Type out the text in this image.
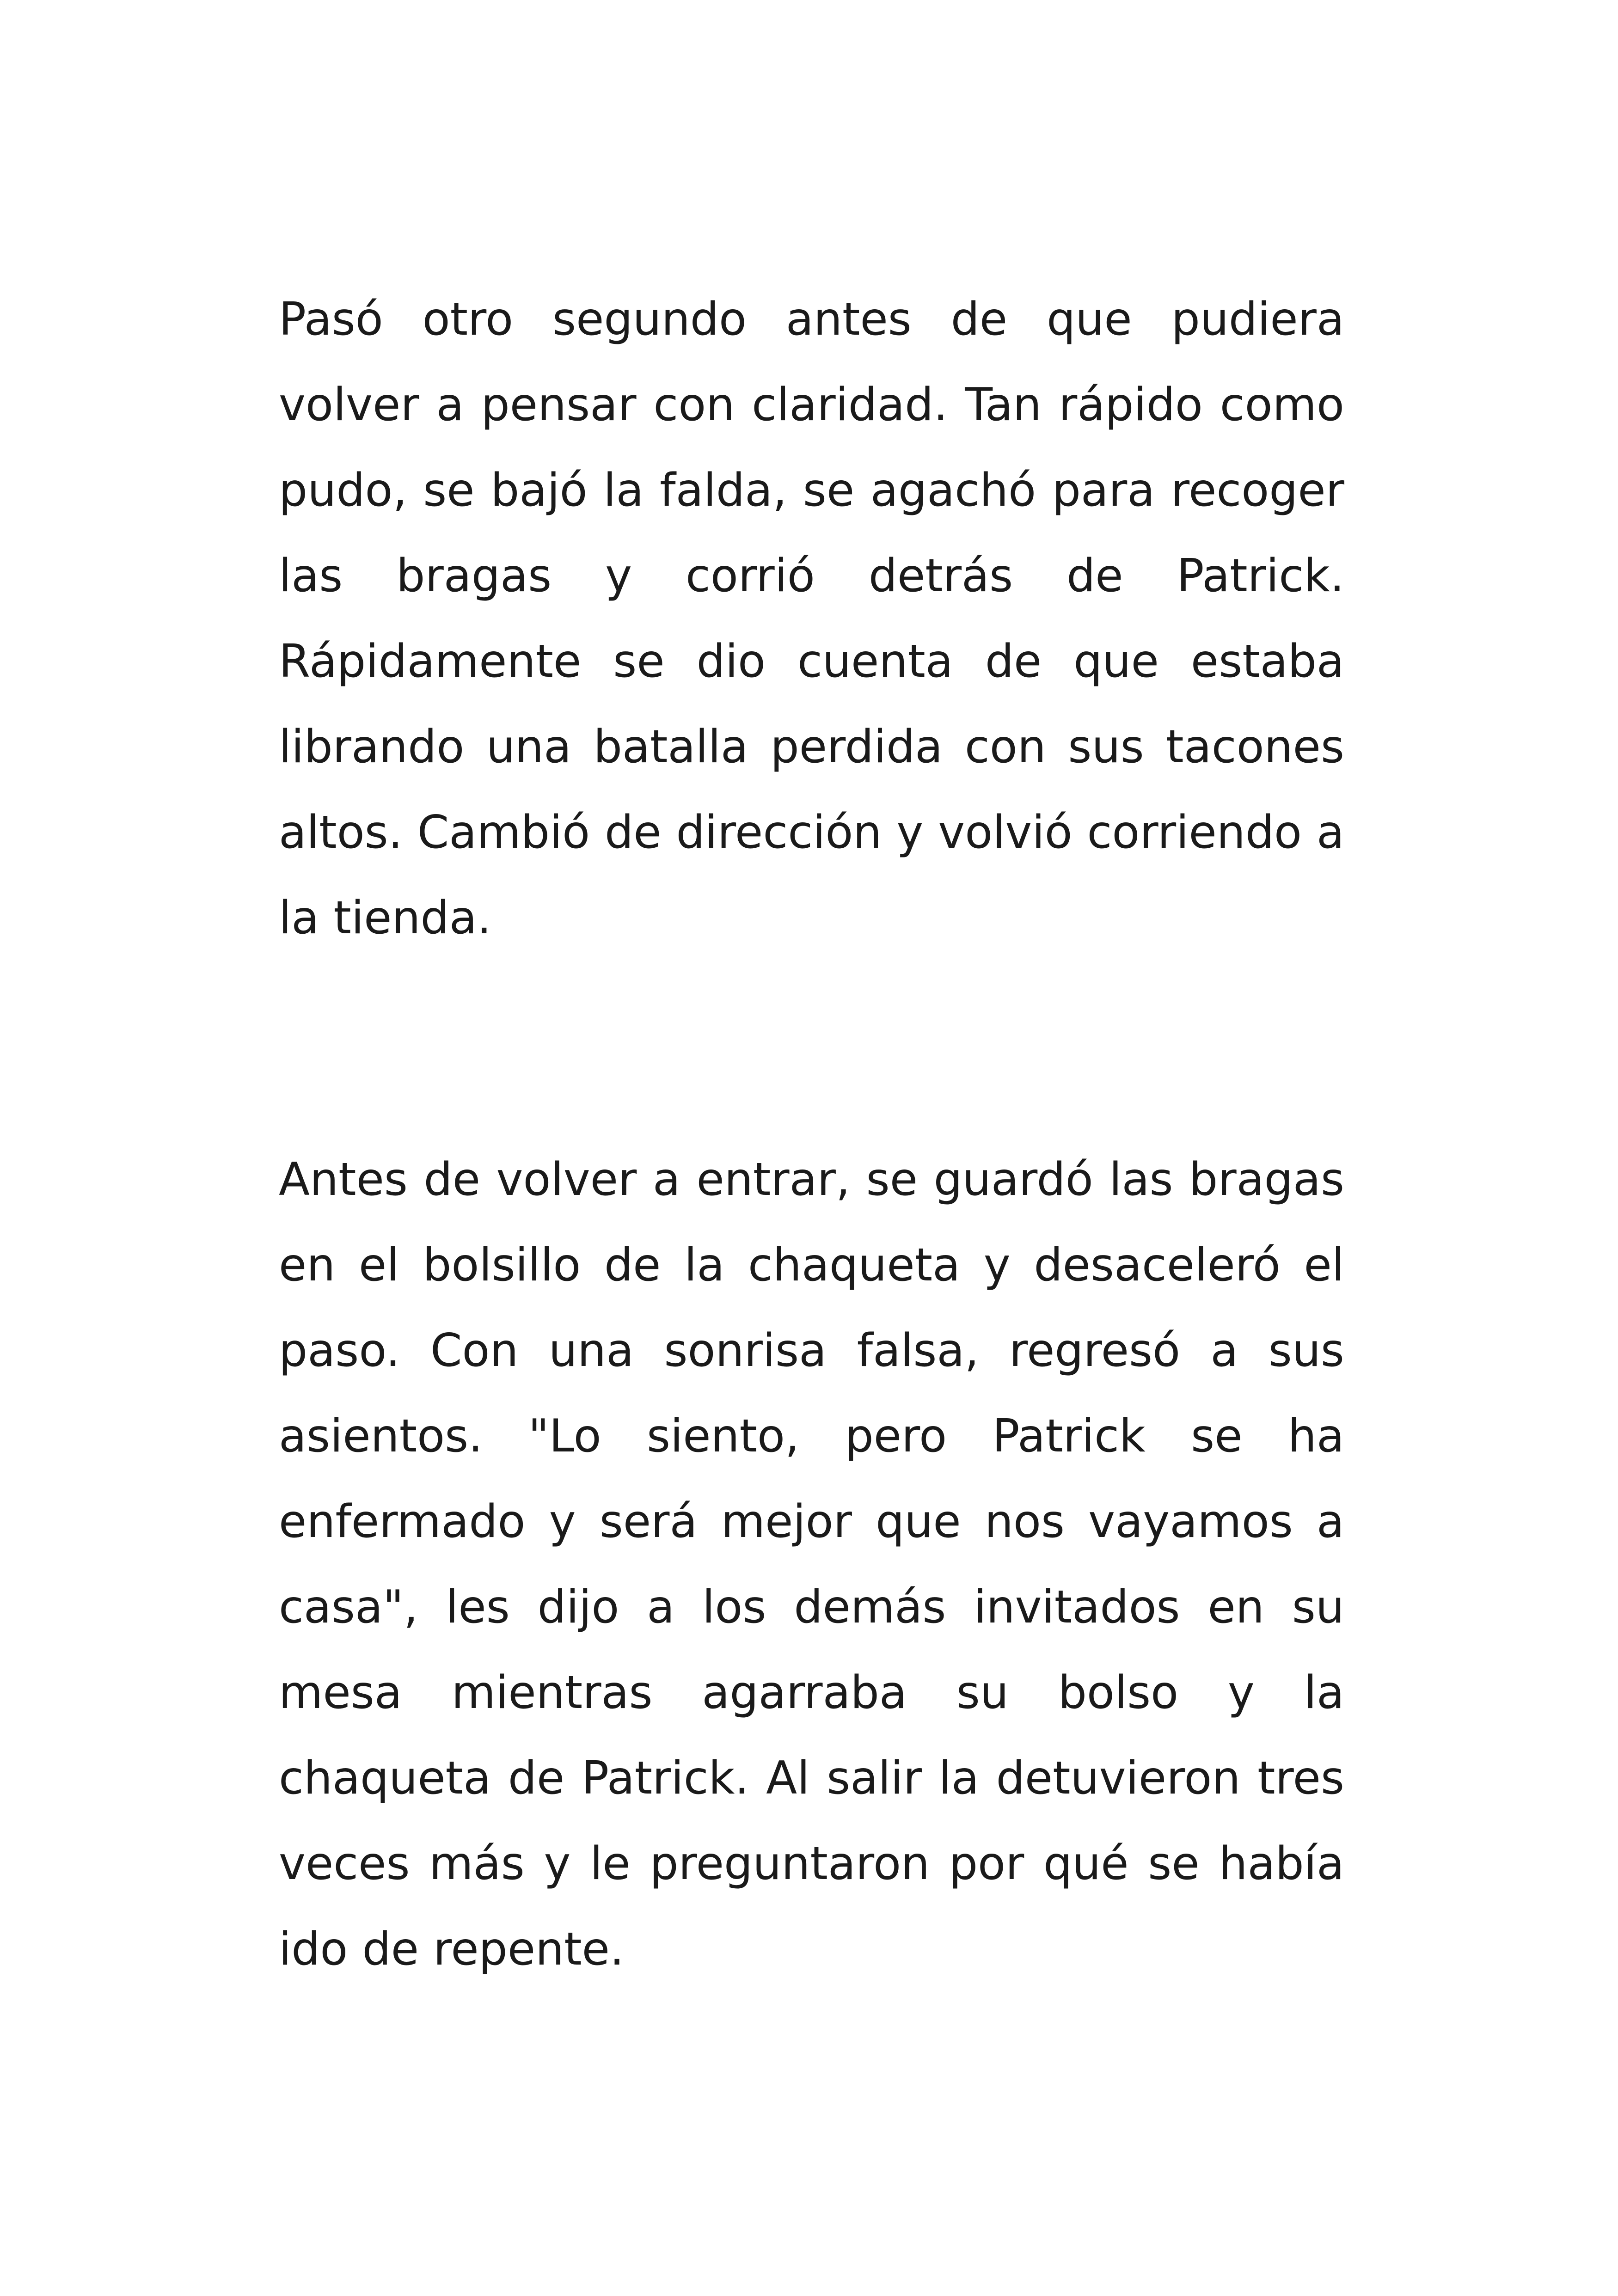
Pasó otro segundo antes de que pudiera volver a pensar con claridad. Tan rápido como pudo, se bajó la falda, se agachó para recoger las bragas y corrió detrás de Patrick. Rápidamente se dio cuenta de que estaba librando una batalla perdida con sus tacones altos. Cambió de dirección y volvió corriendo a la tienda.

Antes de volver a entrar, se guardó las bragas en el bolsillo de la chaqueta y desaceleró el paso. Con una sonrisa falsa, regresó a sus asientos. "Lo siento, pero Patrick se ha enfermado y será mejor que nos vayamos a casa", les dijo a los demás invitados en su mesa mientras agarraba su bolso y la chaqueta de Patrick. Al salir la detuvieron tres veces más y le preguntaron por qué se había ido de repente.
